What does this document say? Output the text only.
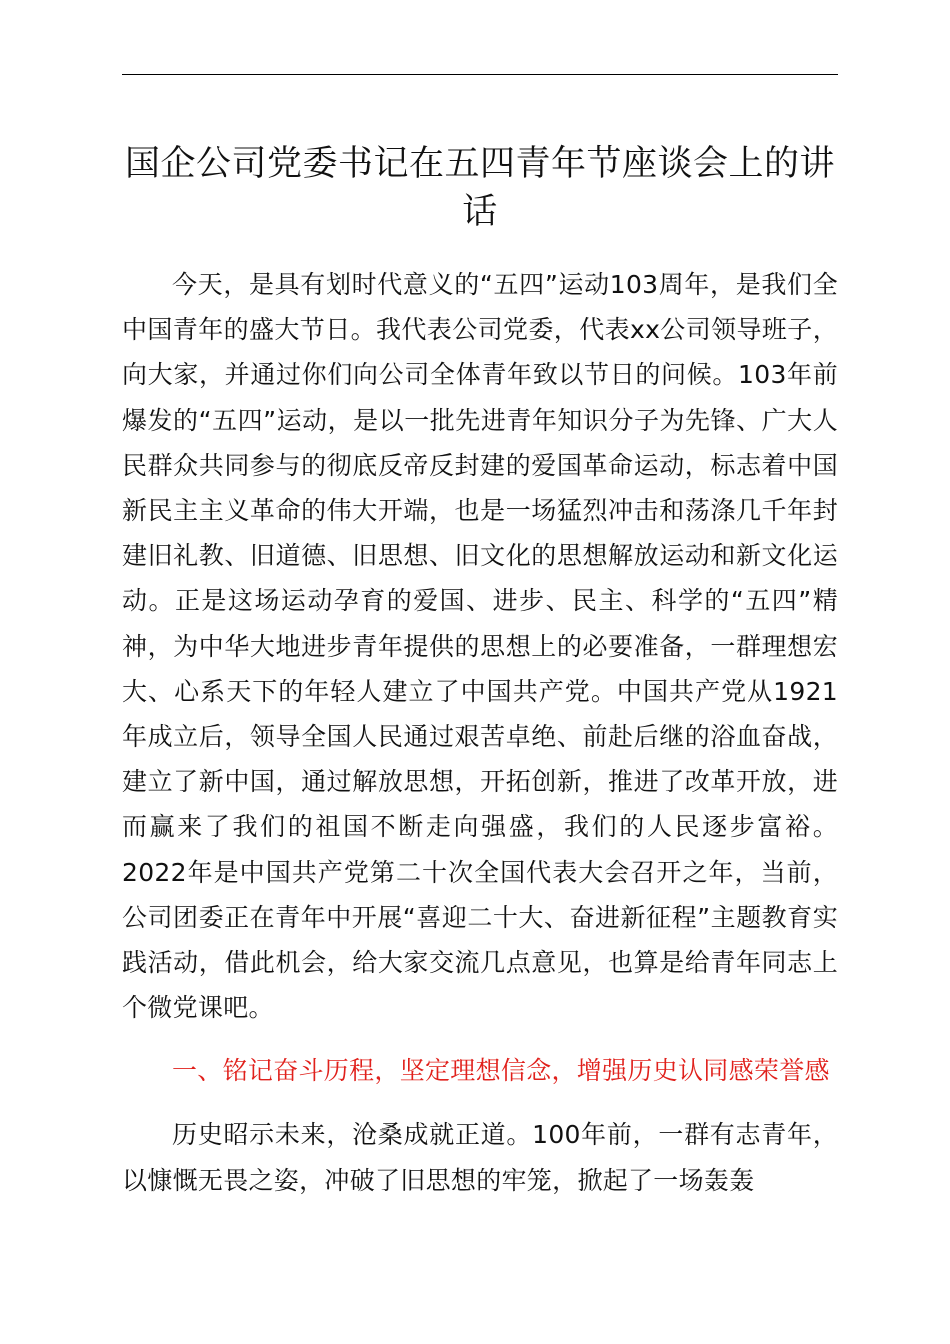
国企公司党委书记在五四青年节座谈会上的讲话

今天，是具有划时代意义的“五四”运动103周年，是我们全中国青年的盛大节日。我代表公司党委，代表xx公司领导班子，向大家，并通过你们向公司全体青年致以节日的问候。103年前爆发的“五四”运动，是以一批先进青年知识分子为先锋、广大人民群众共同参与的彻底反帝反封建的爱国革命运动，标志着中国新民主主义革命的伟大开端，也是一场猛烈冲击和荡涤几千年封建旧礼教、旧道德、旧思想、旧文化的思想解放运动和新文化运动。正是这场运动孕育的爱国、进步、民主、科学的“五四”精神，为中华大地进步青年提供的思想上的必要准备，一群理想宏大、心系天下的年轻人建立了中国共产党。中国共产党从1921年成立后，领导全国人民通过艰苦卓绝、前赴后继的浴血奋战，建立了新中国，通过解放思想，开拓创新，推进了改革开放，进而赢来了我们的祖国不断走向强盛，我们的人民逐步富裕。2022年是中国共产党第二十次全国代表大会召开之年，当前，公司团委正在青年中开展“喜迎二十大、奋进新征程”主题教育实践活动，借此机会，给大家交流几点意见，也算是给青年同志上个微党课吧。

一、铭记奋斗历程，坚定理想信念，增强历史认同感荣誉感

历史昭示未来，沧桑成就正道。100年前，一群有志青年，以慷慨无畏之姿，冲破了旧思想的牢笼，掀起了一场轰轰
